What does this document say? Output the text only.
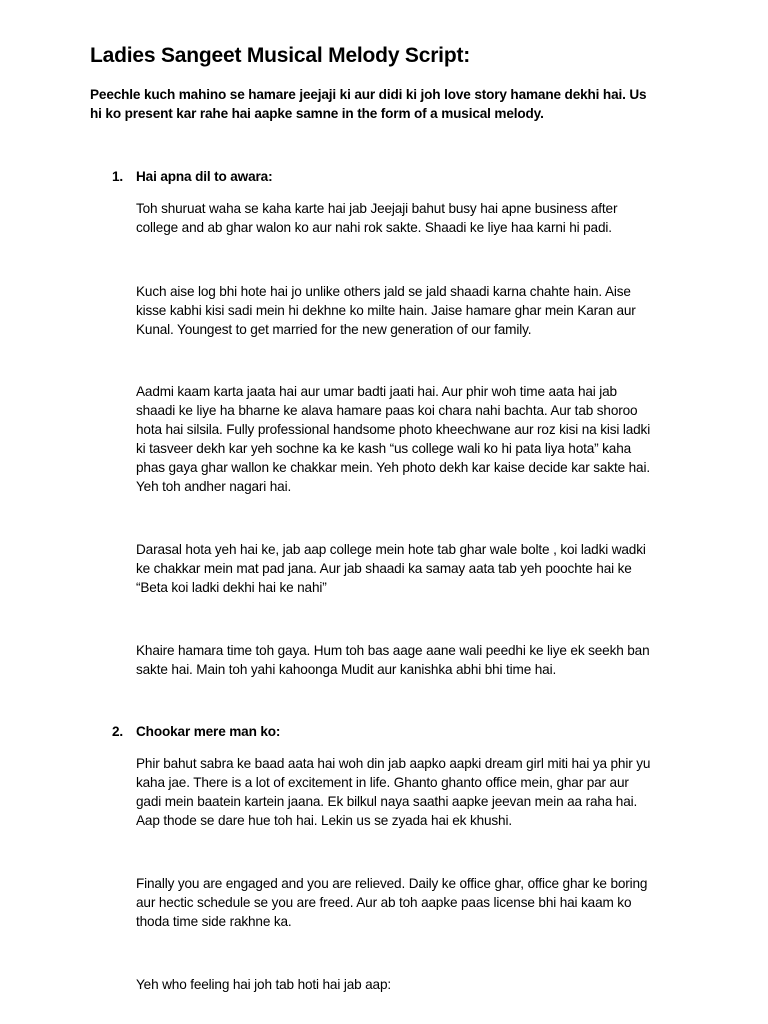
Ladies Sangeet Musical Melody Script:

Peechle kuch mahino se hamare jeejaji ki aur didi ki joh love story hamane dekhi hai. Us
hi ko present kar rahe hai aapke samne in the form of a musical melody.

1. Hai apna dil to awara:

Toh shuruat waha se kaha karte hai jab Jeejaji bahut busy hai apne business after
college and ab ghar walon ko aur nahi rok sakte. Shaadi ke liye haa karni hi padi.

Kuch aise log bhi hote hai jo unlike others jald se jald shaadi karna chahte hain. Aise
kisse kabhi kisi sadi mein hi dekhne ko milte hain. Jaise hamare ghar mein Karan aur
Kunal. Youngest to get married for the new generation of our family.

Aadmi kaam karta jaata hai aur umar badti jaati hai. Aur phir woh time aata hai jab
shaadi ke liye ha bharne ke alava hamare paas koi chara nahi bachta. Aur tab shoroo
hota hai silsila. Fully professional handsome photo kheechwane aur roz kisi na kisi ladki
ki tasveer dekh kar yeh sochne ka ke kash “us college wali ko hi pata liya hota” kaha
phas gaya ghar wallon ke chakkar mein. Yeh photo dekh kar kaise decide kar sakte hai.
Yeh toh andher nagari hai.

Darasal hota yeh hai ke, jab aap college mein hote tab ghar wale bolte , koi ladki wadki
ke chakkar mein mat pad jana. Aur jab shaadi ka samay aata tab yeh poochte hai ke
“Beta koi ladki dekhi hai ke nahi”

Khaire hamara time toh gaya. Hum toh bas aage aane wali peedhi ke liye ek seekh ban
sakte hai. Main toh yahi kahoonga Mudit aur kanishka abhi bhi time hai.

2. Chookar mere man ko:

Phir bahut sabra ke baad aata hai woh din jab aapko aapki dream girl miti hai ya phir yu
kaha jae. There is a lot of excitement in life. Ghanto ghanto office mein, ghar par aur
gadi mein baatein kartein jaana. Ek bilkul naya saathi aapke jeevan mein aa raha hai.
Aap thode se dare hue toh hai. Lekin us se zyada hai ek khushi.

Finally you are engaged and you are relieved. Daily ke office ghar, office ghar ke boring
aur hectic schedule se you are freed. Aur ab toh aapke paas license bhi hai kaam ko
thoda time side rakhne ka.

Yeh who feeling hai joh tab hoti hai jab aap:
